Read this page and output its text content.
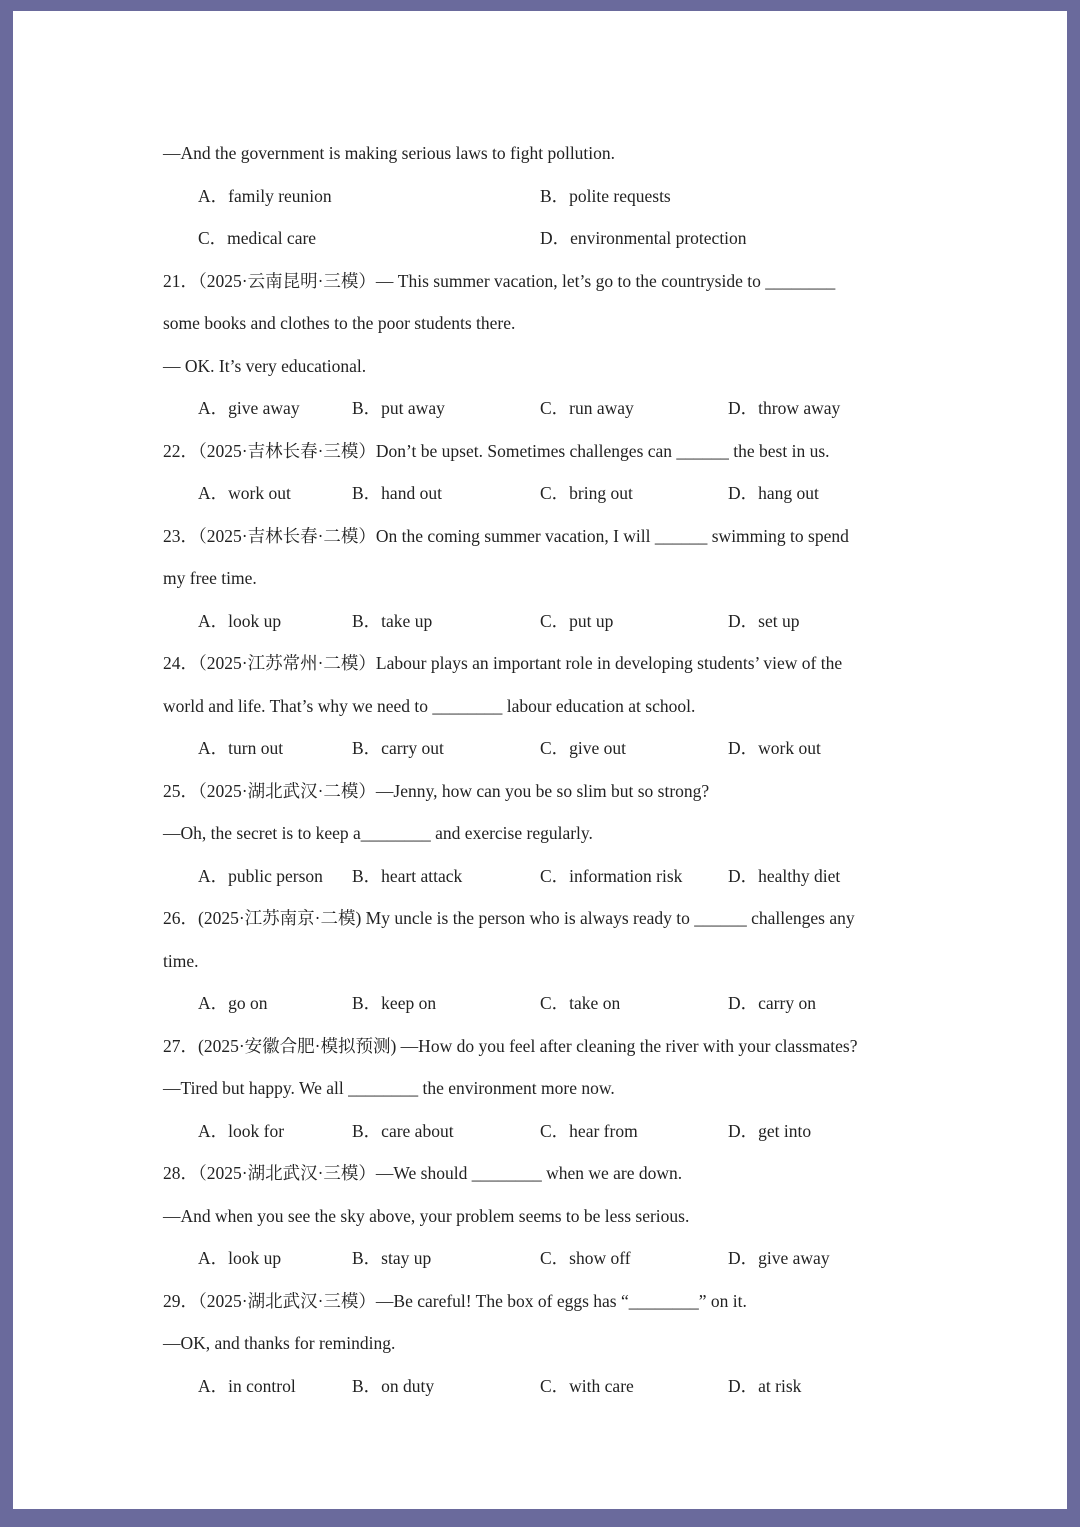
—And the government is making serious laws to fight pollution.
A．family reunion	B．polite requests
C．medical care	D．environmental protection
21．（2025·云南昆明·三模）— This summer vacation, let’s go to the countryside to ________
some books and clothes to the poor students there.
— OK. It’s very educational.
A．give away	B．put away	C．run away	D．throw away
22．（2025·吉林长春·三模）Don’t be upset. Sometimes challenges can ______ the best in us.
A．work out	B．hand out	C．bring out	D．hang out
23．（2025·吉林长春·二模）On the coming summer vacation, I will ______ swimming to spend
my free time.
A．look up	B．take up	C．put up	D．set up
24．（2025·江苏常州·二模）Labour plays an important role in developing students’ view of the
world and life. That’s why we need to ________ labour education at school.
A．turn out	B．carry out	C．give out	D．work out
25．（2025·湖北武汉·二模）—Jenny, how can you be so slim but so strong?
—Oh, the secret is to keep a________ and exercise regularly.
A．public person B．heart attack	C．information risk	D．healthy diet
26．(2025·江苏南京·二模) My uncle is the person who is always ready to ______ challenges any
time.
A．go on	B．keep on	C．take on	D．carry on
27．(2025·安徽合肥·模拟预测) —How do you feel after cleaning the river with your classmates?
—Tired but happy. We all ________ the environment more now.
A．look for	B．care about	C．hear from	D．get into
28．（2025·湖北武汉·三模）—We should ________ when we are down.
—And when you see the sky above, your problem seems to be less serious.
A．look up	B．stay up	C．show off	D．give away
29．（2025·湖北武汉·三模）—Be careful! The box of eggs has “________” on it.
—OK, and thanks for reminding.
A．in control	B．on duty	C．with care	D．at risk
